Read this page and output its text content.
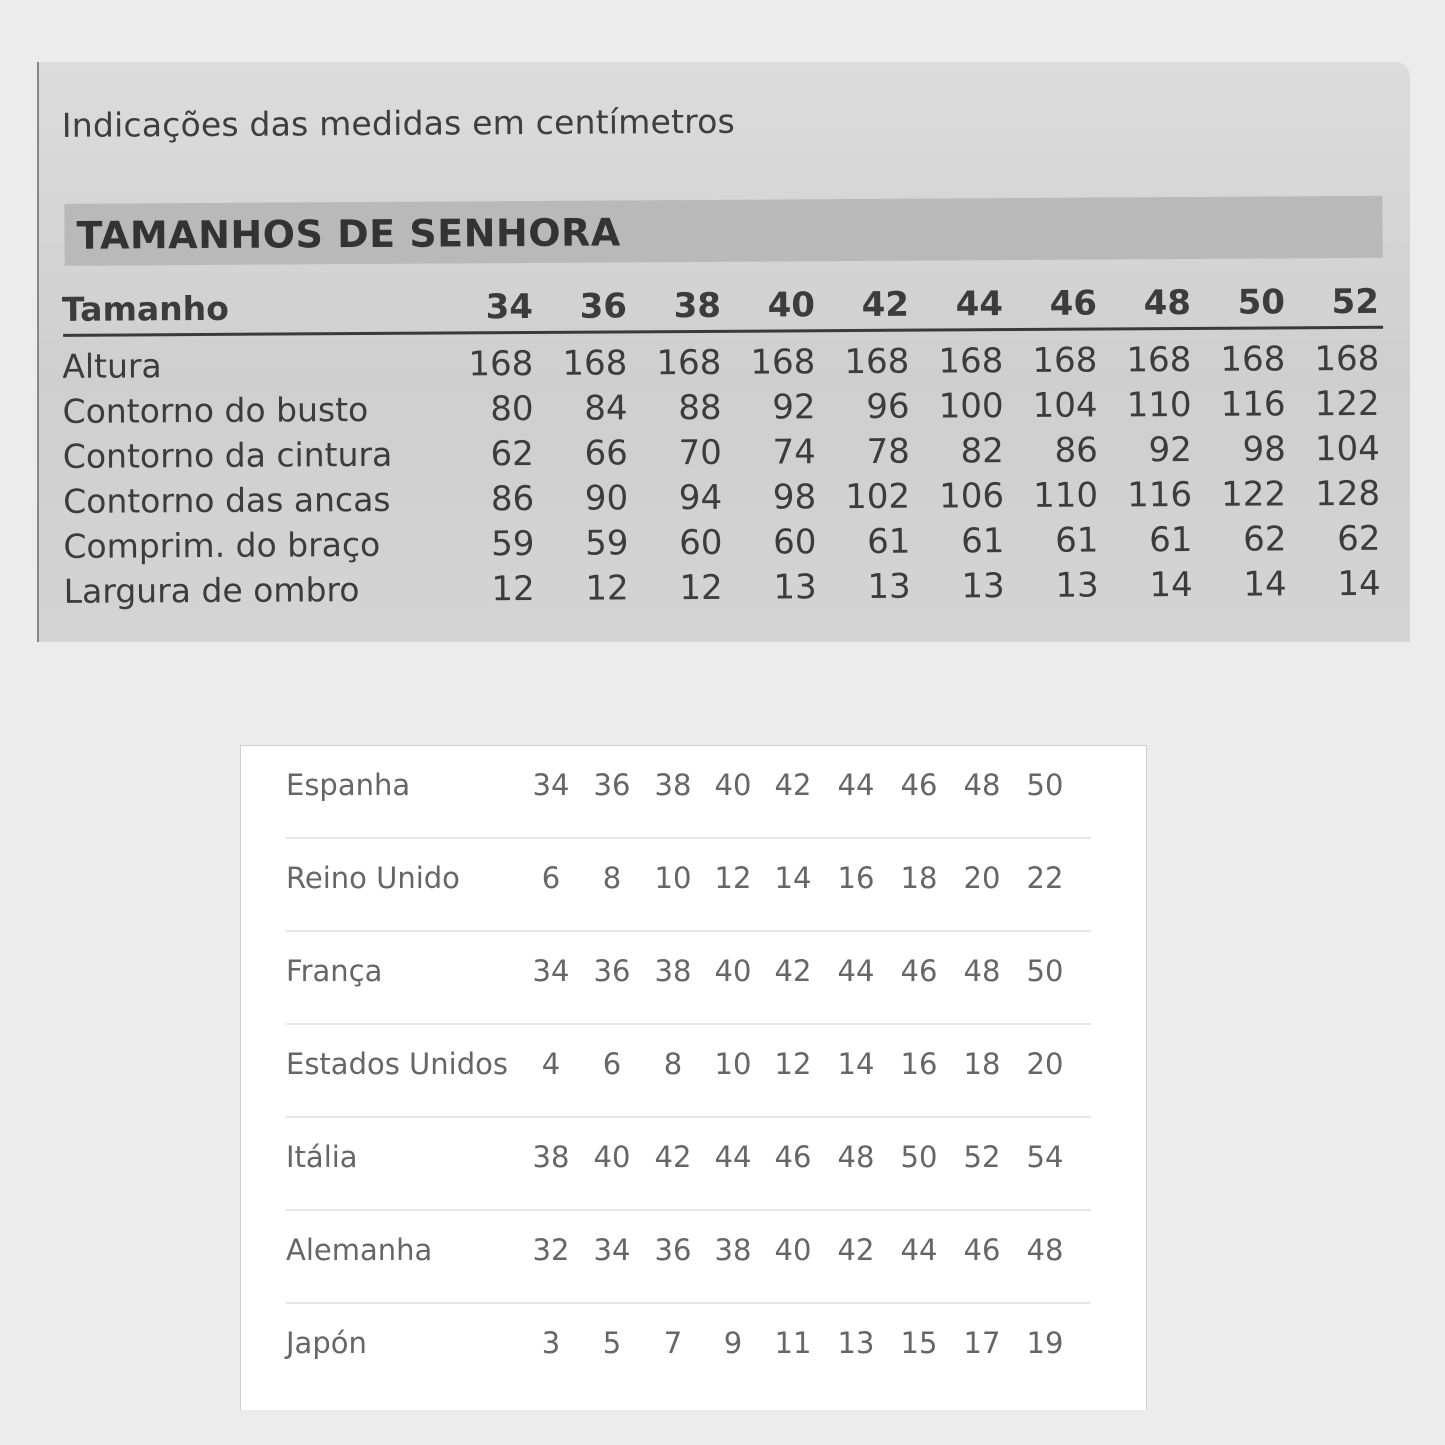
Indicações das medidas em centímetros
TAMANHOS DE SENHORA
Tamanho	34	36	38	40	42	44	46	48	50	52
Altura	168 168 168 168 168 168 168 168 168 168
Contorno do busto	80	84	88	92	96 100 104 110 116 122
Contorno da cintura	62	66	70	74	78	82	86	92	98 104
Contorno das ancas	86	90	94	98 102 106 110 116 122 128
Comprim. do braço	59	59	60	60	61	61	61	61	62	62
Largura de ombro	12	12	12	13	13	13	13	14	14	14
Espanha	34 36 38 40 42 44 46 48 50
Reino Unido	6	8	10 12 14 16 18 20 22
França	34 36 38 40 42 44 46 48 50
Estados Unidos	4	6	8	10 12 14 16 18 20
Itália	38 40 42 44 46 48 50 52 54
Alemanha	32 34 36 38 40 42 44 46 48
Japón	3	5	7	9	11 13 15 17 19
